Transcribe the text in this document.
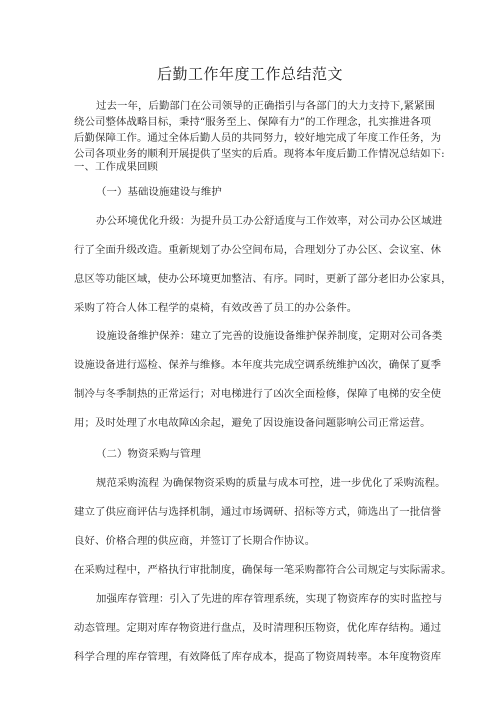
后勤工作年度工作总结范文
过去一年，后勤部门在公司领导的正确指引与各部门的大力支持下,紧紧围
绕公司整体战略目标，秉持“服务至上、保障有力”的工作理念，扎实推进各项
后勤保障工作。通过全体后勤人员的共同努力，较好地完成了年度工作任务，为
公司各项业务的顺利开展提供了坚实的后盾。现将本年度后勤工作情况总结如下:
一、工作成果回顾
（一）基础设施建设与维护
办公环境优化升级：为提升员工办公舒适度与工作效率，对公司办公区域进
行了全面升级改造。重新规划了办公空间布局，合理划分了办公区、会议室、休
息区等功能区域，使办公环境更加整洁、有序。同时，更新了部分老旧办公家具，
采购了符合人体工程学的桌椅，有效改善了员工的办公条件。
设施设备维护保养：建立了完善的设施设备维护保养制度，定期对公司各类
设施设备进行巡检、保养与维修。本年度共完成空调系统维护凶次，确保了夏季
制冷与冬季制热的正常运行；对电梯进行了凶次全面检修，保障了电梯的安全使
用；及时处理了水电故障凶余起，避免了因设施设备问题影响公司正常运营。
（二）物资采购与管理
规范采购流程 为确保物资采购的质量与成本可控，进一步优化了采购流程。
建立了供应商评估与选择机制，通过市场调研、招标等方式，筛选出了一批信誉
良好、价格合理的供应商，并签订了长期合作协议。
在采购过程中，严格执行审批制度，确保每一笔采购都符合公司规定与实际需求。
加强库存管理：引入了先进的库存管理系统，实现了物资库存的实时监控与
动态管理。定期对库存物资进行盘点，及时清理积压物资，优化库存结构。通过
科学合理的库存管理，有效降低了库存成本，提高了物资周转率。本年度物资库
